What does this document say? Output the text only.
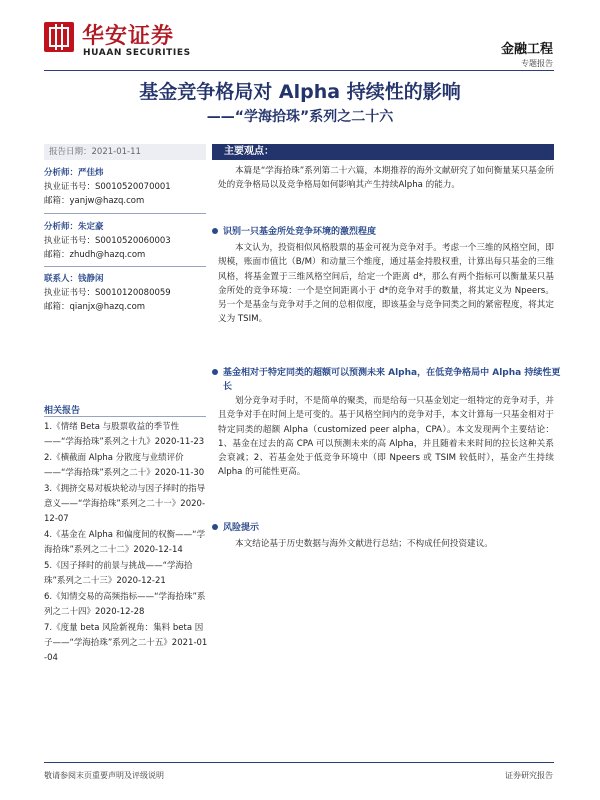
华安证券
HUAAN SECURITIES	金融工程
专题报告
基金竞争格局对 Alpha 持续性的影响
——“学海拾珠”系列之二十六
报告日期：2021-01-11
分析师：严佳炜
执业证书号：S0010520070001
邮箱：yanjw@hazq.com
分析师：朱定豪
执业证书号：S0010520060003
邮箱：zhudh@hazq.com
联系人：钱静闲
执业证书号：S0010120080059
邮箱：qianjx@hazq.com
相关报告
1.《情绪 Beta 与股票收益的季节性——“学海拾珠”系列之十九》2020-11-23
2.《横截面 Alpha 分散度与业绩评价——“学海拾珠”系列之二十》2020-11-30
3.《拥挤交易对板块轮动与因子择时的指导意义——“学海拾珠”系列之二十一》2020-12-07
4.《基金在 Alpha 和偏度间的权衡——“学海拾珠”系列之二十二》2020-12-14
5.《因子择时的前景与挑战——“学海拾珠”系列之二十三》2020-12-21
6.《知情交易的高频指标——“学海拾珠”系列之二十四》2020-12-28
7.《度量 beta 风险新视角：集料 beta 因子——“学海拾珠”系列之二十五》2021-01-04
主要观点：

本篇是“学海拾珠”系列第二十六篇，本期推荐的海外文献研究了如何衡量某只基金所处的竞争格局以及竞争格局如何影响其产生持续Alpha 的能力。

识别一只基金所处竞争环境的激烈程度

本文认为，投资相似风格股票的基金可视为竞争对手。考虑一个三维的风格空间，即规模，账面市值比（B/M）和动量三个维度，通过基金持股权重，计算出每只基金的三维风格，将基金置于三维风格空间后，给定一个距离 d*，那么有两个指标可以衡量某只基金所处的竞争环境：一个是空间距离小于 d*的竞争对手的数量，将其定义为 Npeers。另一个是基金与竞争对手之间的总相似度，即该基金与竞争同类之间的紧密程度，将其定义为 TSIM。

基金相对于特定同类的超额可以预测未来 Alpha，在低竞争格局中 Alpha 持续性更长

划分竞争对手时，不是简单的聚类，而是给每一只基金划定一组特定的竞争对手，并且竞争对手在时间上是可变的。基于风格空间内的竞争对手，本文计算每一只基金相对于特定同类的超额 Alpha（customized peer alpha，CPA）。本文发现两个主要结论：1、基金在过去的高 CPA 可以预测未来的高 Alpha，并且随着未来时间的拉长这种关系会衰减；2、若基金处于低竞争环境中（即 Npeers 或 TSIM 较低时），基金产生持续 Alpha 的可能性更高。

风险提示

本文结论基于历史数据与海外文献进行总结；不构成任何投资建议。

敬请参阅末页重要声明及评级说明	证券研究报告
